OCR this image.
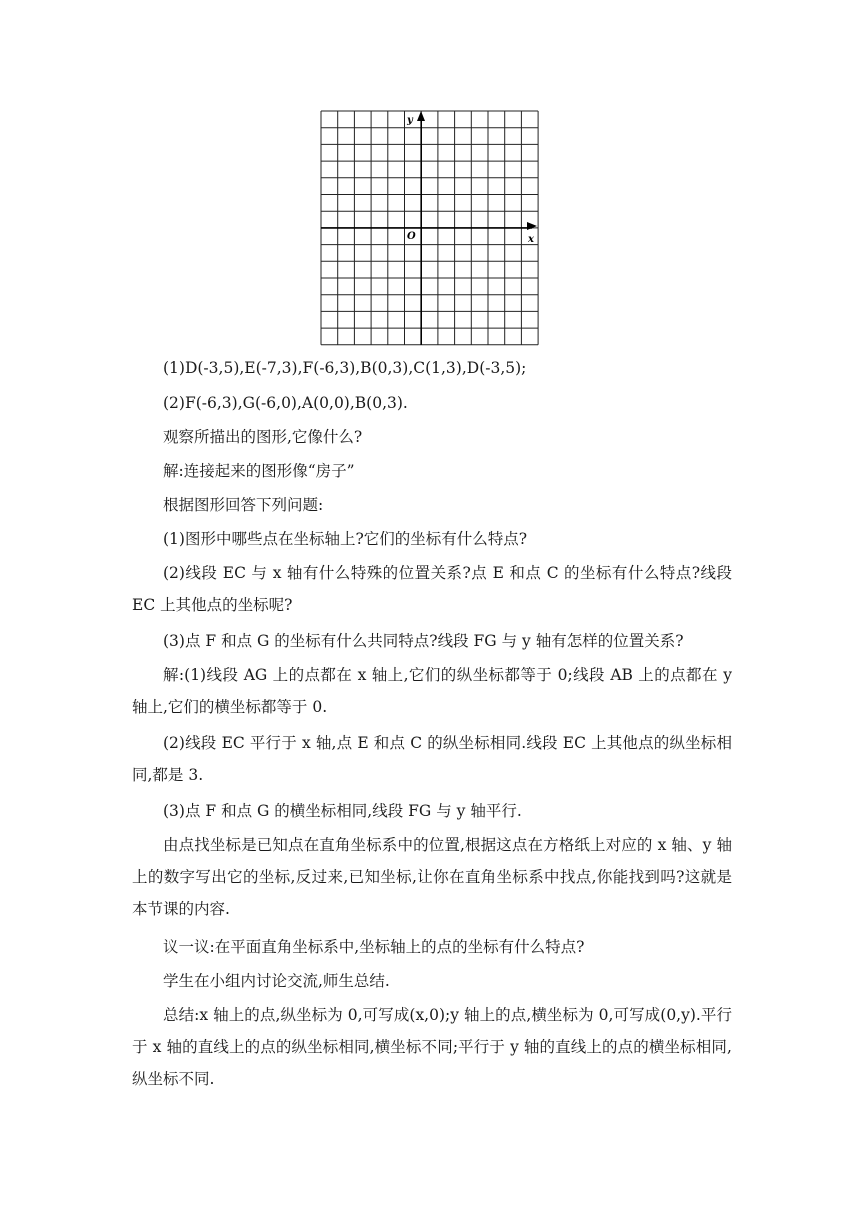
y
x
O

(1)D(-3,5),E(-7,3),F(-6,3),B(0,3),C(1,3),D(-3,5);

(2)F(-6,3),G(-6,0),A(0,0),B(0,3).

观察所描出的图形,它像什么?

解:连接起来的图形像“房子”

根据图形回答下列问题:

(1)图形中哪些点在坐标轴上?它们的坐标有什么特点?

(2)线段 EC 与 x 轴有什么特殊的位置关系?点 E 和点 C 的坐标有什么特点?线段 EC 上其他点的坐标呢?

(3)点 F 和点 G 的坐标有什么共同特点?线段 FG 与 y 轴有怎样的位置关系?

解:(1)线段 AG 上的点都在 x 轴上,它们的纵坐标都等于 0;线段 AB 上的点都在 y 轴上,它们的横坐标都等于 0.

(2)线段 EC 平行于 x 轴,点 E 和点 C 的纵坐标相同.线段 EC 上其他点的纵坐标相同,都是 3.

(3)点 F 和点 G 的横坐标相同,线段 FG 与 y 轴平行.

由点找坐标是已知点在直角坐标系中的位置,根据这点在方格纸上对应的 x 轴、y 轴上的数字写出它的坐标,反过来,已知坐标,让你在直角坐标系中找点,你能找到吗?这就是本节课的内容.

议一议:在平面直角坐标系中,坐标轴上的点的坐标有什么特点?

学生在小组内讨论交流,师生总结.

总结:x 轴上的点,纵坐标为 0,可写成(x,0);y 轴上的点,横坐标为 0,可写成(0,y).平行于 x 轴的直线上的点的纵坐标相同,横坐标不同;平行于 y 轴的直线上的点的横坐标相同,纵坐标不同.
